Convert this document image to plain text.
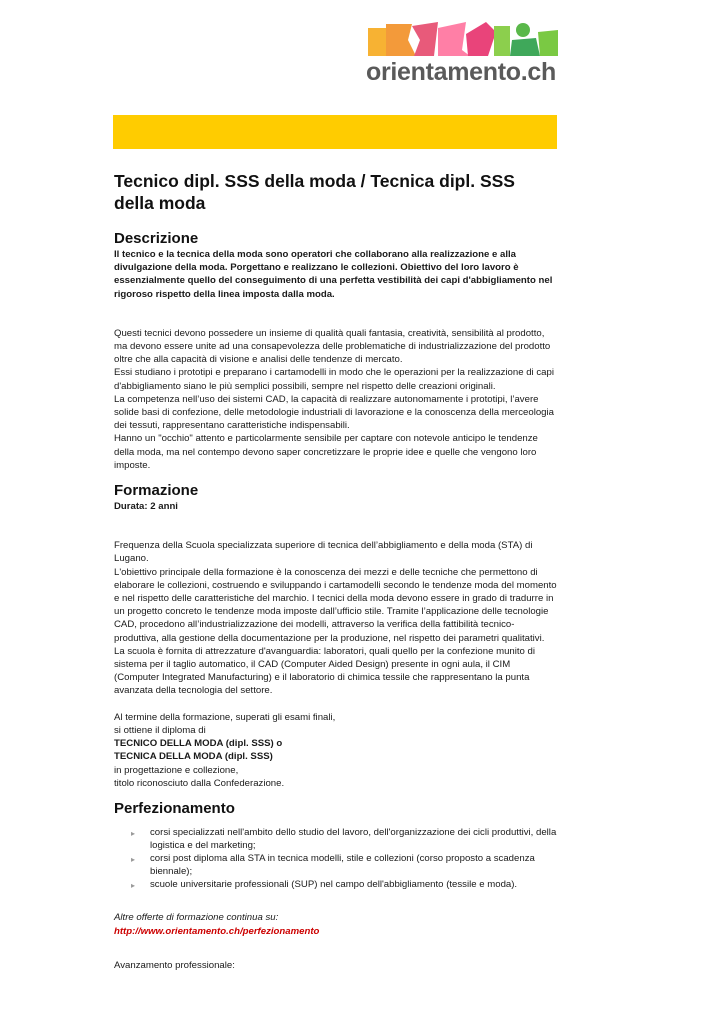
orientamento.ch
Tecnico dipl. SSS della moda / Tecnica dipl. SSS della moda
Descrizione
Il tecnico e la tecnica della moda sono operatori che collaborano alla realizzazione e alla divulgazione della moda. Porgettano e realizzano le collezioni. Obiettivo del loro lavoro è essenzialmente quello del conseguimento di una perfetta vestibilità dei capi d'abbigliamento nel rigoroso rispetto della linea imposta dalla moda.

Questi tecnici devono possedere un insieme di qualità quali fantasia, creatività, sensibilità al prodotto, ma devono essere unite ad una consapevolezza delle problematiche di industrializzazione del prodotto oltre che alla capacità di visione e analisi delle tendenze di mercato.

Essi studiano i prototipi e preparano i cartamodelli in modo che le operazioni per la realizzazione di capi d'abbigliamento siano le più semplici possibili, sempre nel rispetto delle creazioni originali.

La competenza nell’uso dei sistemi CAD, la capacità di realizzare autonomamente i prototipi, l’avere solide basi di confezione, delle metodologie industriali di lavorazione e la conoscenza della merceologia dei tessuti, rappresentano caratteristiche indispensabili.

Hanno un "occhio" attento e particolarmente sensibile per captare con notevole anticipo le tendenze della moda, ma nel contempo devono saper concretizzare le proprie idee e quelle che vengono loro imposte.

Formazione
Durata: 2 anni

Frequenza della Scuola specializzata superiore di tecnica dell’abbigliamento e della moda (STA) di Lugano.

L'obiettivo principale della formazione è la conoscenza dei mezzi e delle tecniche che permettono di elaborare le collezioni, costruendo e sviluppando i cartamodelli secondo le tendenze moda del momento e nel rispetto delle caratteristiche del marchio. I tecnici della moda devono essere in grado di tradurre in un progetto concreto le tendenze moda imposte dall’ufficio stile. Tramite l’applicazione delle tecnologie CAD, procedono all’industrializzazione dei modelli, attraverso la verifica della fattibilità tecnico-produttiva, alla gestione della documentazione per la produzione, nel rispetto dei parametri qualitativi.

La scuola è fornita di attrezzature d'avanguardia: laboratori, quali quello per la confezione munito di sistema per il taglio automatico, il CAD (Computer Aided Design) presente in ogni aula, il CIM (Computer Integrated Manufacturing) e il laboratorio di chimica tessile che rappresentano la punta avanzata della tecnologia del settore.

Al termine della formazione, superati gli esami finali,

si ottiene il diploma di

TECNICO DELLA MODA (dipl. SSS) o

TECNICA DELLA MODA (dipl. SSS)

in progettazione e collezione,

titolo riconosciuto dalla Confederazione.

Perfezionamento
▸ corsi specializzati nell'ambito dello studio del lavoro, dell'organizzazione dei cicli produttivi, della logistica e del marketing;
▸ corsi post diploma alla STA in tecnica modelli, stile e collezioni (corso proposto a scadenza biennale);
▸ scuole universitarie professionali (SUP) nel campo dell'abbigliamento (tessile e moda).
Altre offerte di formazione continua su:
http://www.orientamento.ch/perfezionamento
Avanzamento professionale:
